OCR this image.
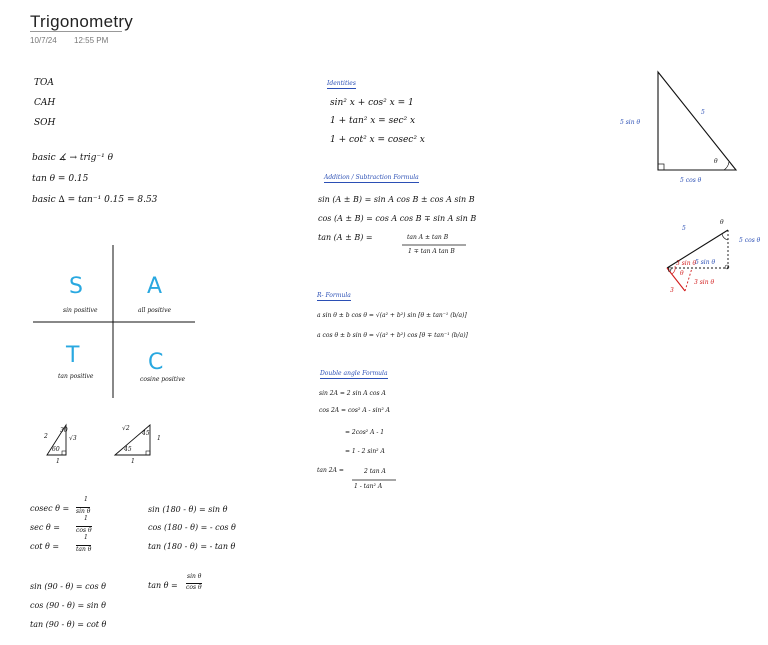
Trigonometry
10/7/24 12:55 PM
TOA
CAH
SOH
basic ∡ → trig⁻¹ θ
tan θ = 0.15
basic ∆ = tan⁻¹ 0.15 = 8.53
S
sin positive
A
all positive
T
tan positive
C
cosine positive
2	√3
1
30
60
√2
1
1
45
45
cosec θ =
1
sin θ
sec θ =
1
cos θ
cot θ =
1
tan θ
sin (180 - θ) = sin θ
cos (180 - θ) = - cos θ
tan (180 - θ) = - tan θ
sin (90 - θ) = cos θ
cos (90 - θ) = sin θ
tan (90 - θ) = cot θ
tan θ =
sin θ
cos θ
Identities
sin² x + cos² x = 1
1 + tan² x = sec² x
1 + cot² x = cosec² x
Addition / Subtraction Formula
sin (A ± B) = sin A cos B ± cos A sin B
cos (A ± B) = cos A cos B ∓ sin A sin B
tan (A ± B) =	tan A ± tan B
1 ∓ tan A tan B
R- Formula
a sin θ ± b cos θ = √(a² + b²) sin [θ ± tan⁻¹ (b/a)]
a cos θ ± b sin θ = √(a² + b²) cos [θ ∓ tan⁻¹ (b/a)]
Double angle Formula
sin 2A = 2 sin A cos A
cos 2A = cos² A - sin² A
= 2cos² A - 1
= 1 - 2 sin² A
tan 2A =	2 tan A
1 - tan² A
5 sin θ
5
5 cos θ
θ
5
5 cos θ
θ
3 sin θ
5 sin θ
3 sin θ
3
θ
θ
